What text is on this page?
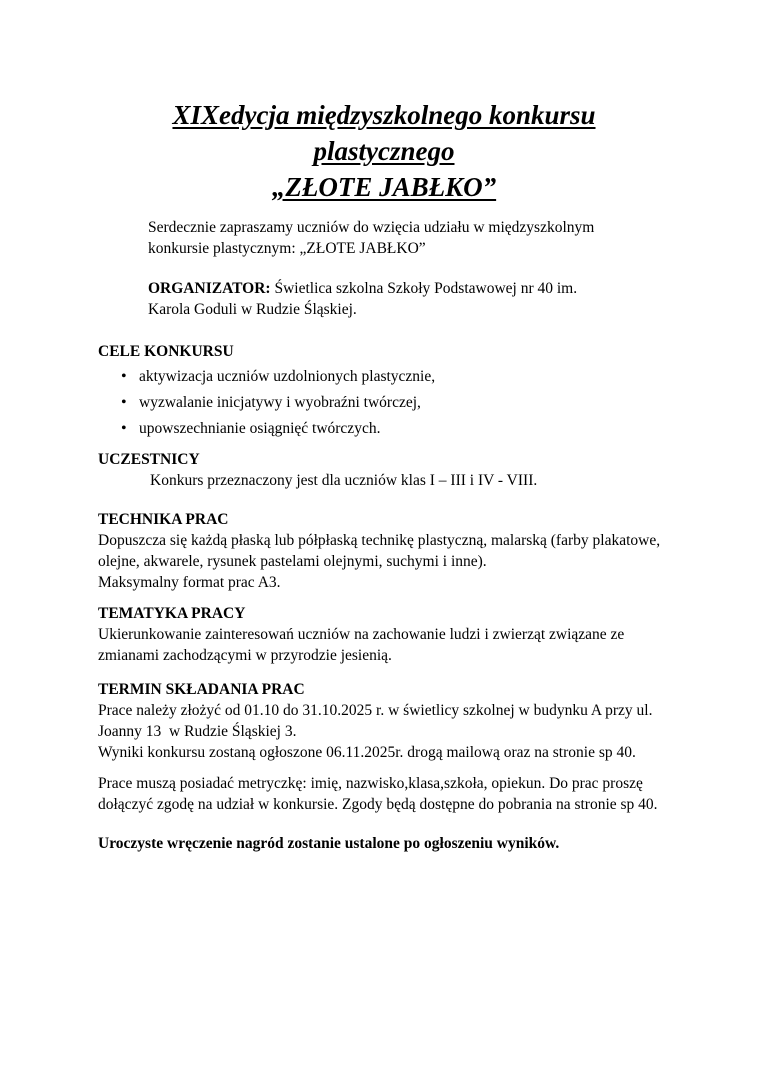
XIXedycja międzyszkolnego konkursu
plastycznego
„ZŁOTE JABŁKO”
Serdecznie zapraszamy uczniów do wzięcia udziału w międzyszkolnym
konkursie plastycznym: „ZŁOTE JABŁKO”
ORGANIZATOR: Świetlica szkolna Szkoły Podstawowej nr 40 im.
Karola Goduli w Rudzie Śląskiej.
CELE KONKURSU
• aktywizacja uczniów uzdolnionych plastycznie,
• wyzwalanie inicjatywy i wyobraźni twórczej,
• upowszechnianie osiągnięć twórczych.
UCZESTNICY
Konkurs przeznaczony jest dla uczniów klas I – III i IV - VIII.
TECHNIKA PRAC
Dopuszcza się każdą płaską lub półpłaską technikę plastyczną, malarską (farby plakatowe,
olejne, akwarele, rysunek pastelami olejnymi, suchymi i inne).
Maksymalny format prac A3.
TEMATYKA PRACY
Ukierunkowanie zainteresowań uczniów na zachowanie ludzi i zwierząt związane ze
zmianami zachodzącymi w przyrodzie jesienią.
TERMIN SKŁADANIA PRAC
Prace należy złożyć od 01.10 do 31.10.2025 r. w świetlicy szkolnej w budynku A przy ul.
Joanny 13  w Rudzie Śląskiej 3.
Wyniki konkursu zostaną ogłoszone 06.11.2025r. drogą mailową oraz na stronie sp 40.
Prace muszą posiadać metryczkę: imię, nazwisko,klasa,szkoła, opiekun. Do prac proszę
dołączyć zgodę na udział w konkursie. Zgody będą dostępne do pobrania na stronie sp 40.
Uroczyste wręczenie nagród zostanie ustalone po ogłoszeniu wyników.
